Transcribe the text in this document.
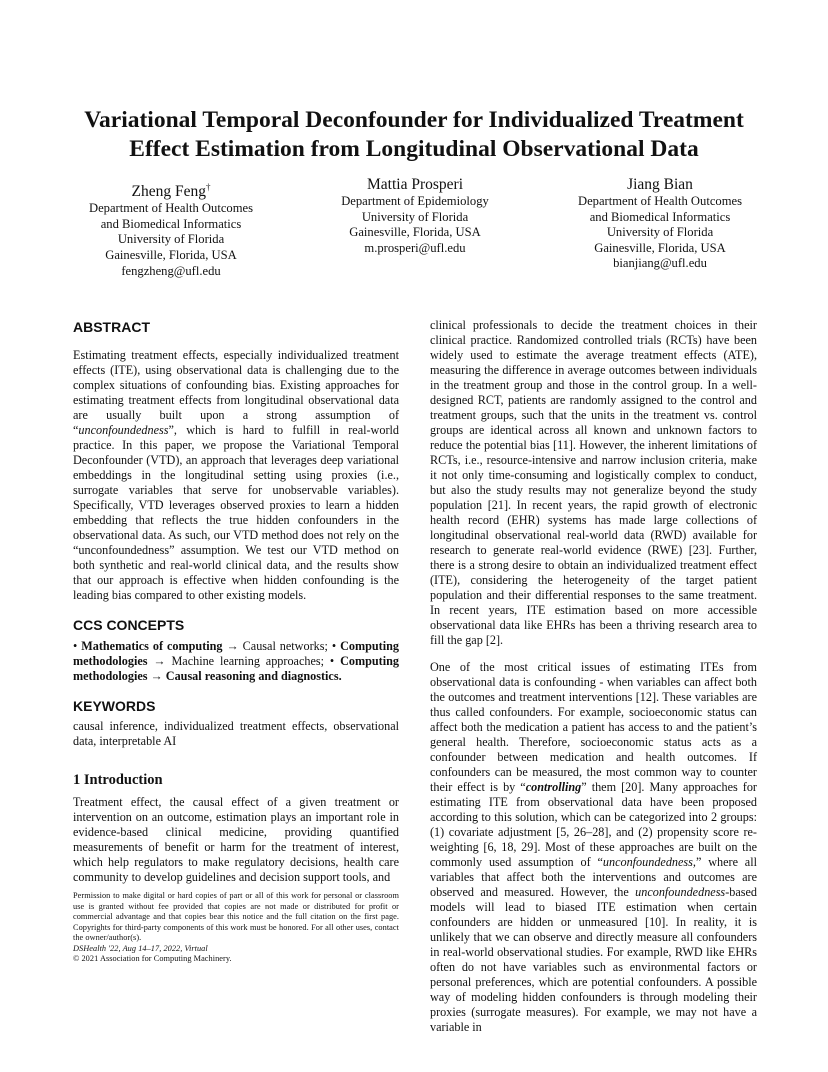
Variational Temporal Deconfounder for Individualized Treatment
Effect Estimation from Longitudinal Observational Data
Zheng Feng†
Department of Health Outcomes
and Biomedical Informatics
University of Florida
Gainesville, Florida, USA
fengzheng@ufl.edu
Mattia Prosperi
Department of Epidemiology
University of Florida
Gainesville, Florida, USA
m.prosperi@ufl.edu
Jiang Bian
Department of Health Outcomes
and Biomedical Informatics
University of Florida
Gainesville, Florida, USA
bianjiang@ufl.edu
ABSTRACT

Estimating treatment effects, especially individualized treatment effects (ITE), using observational data is challenging due to the complex situations of confounding bias. Existing approaches for estimating treatment effects from longitudinal observational data are usually built upon a strong assumption of “unconfoundedness”, which is hard to fulfill in real-world practice. In this paper, we propose the Variational Temporal Deconfounder (VTD), an approach that leverages deep variational embeddings in the longitudinal setting using proxies (i.e., surrogate variables that serve for unobservable variables). Specifically, VTD leverages observed proxies to learn a hidden embedding that reflects the true hidden confounders in the observational data. As such, our VTD method does not rely on the “unconfoundedness” assumption. We test our VTD method on both synthetic and real-world clinical data, and the results show that our approach is effective when hidden confounding is the leading bias compared to other existing models.

CCS CONCEPTS

• Mathematics of computing → Causal networks; • Computing methodologies → Machine learning approaches; • Computing methodologies → Causal reasoning and diagnostics.

KEYWORDS

causal inference, individualized treatment effects, observational data, interpretable AI

1 Introduction

Treatment effect, the causal effect of a given treatment or intervention on an outcome, estimation plays an important role in evidence-based clinical medicine, providing quantified measurements of benefit or harm for the treatment of interest, which help regulators to make regulatory decisions, health care community to develop guidelines and decision support tools, and

Permission to make digital or hard copies of part or all of this work for personal or classroom use is granted without fee provided that copies are not made or distributed for profit or commercial advantage and that copies bear this notice and the full citation on the first page. Copyrights for third-party components of this work must be honored. For all other uses, contact the owner/author(s).
DSHealth '22, Aug 14–17, 2022, Virtual
© 2021 Association for Computing Machinery.

clinical professionals to decide the treatment choices in their clinical practice. Randomized controlled trials (RCTs) have been widely used to estimate the average treatment effects (ATE), measuring the difference in average outcomes between individuals in the treatment group and those in the control group. In a well-designed RCT, patients are randomly assigned to the control and treatment groups, such that the units in the treatment vs. control groups are identical across all known and unknown factors to reduce the potential bias [11]. However, the inherent limitations of RCTs, i.e., resource-intensive and narrow inclusion criteria, make it not only time-consuming and logistically complex to conduct, but also the study results may not generalize beyond the study population [21]. In recent years, the rapid growth of electronic health record (EHR) systems has made large collections of longitudinal observational real-world data (RWD) available for research to generate real-world evidence (RWE) [23]. Further, there is a strong desire to obtain an individualized treatment effect (ITE), considering the heterogeneity of the target patient population and their differential responses to the same treatment. In recent years, ITE estimation based on more accessible observational data like EHRs has been a thriving research area to fill the gap [2].

One of the most critical issues of estimating ITEs from observational data is confounding - when variables can affect both the outcomes and treatment interventions [12]. These variables are thus called confounders. For example, socioeconomic status can affect both the medication a patient has access to and the patient’s general health. Therefore, socioeconomic status acts as a confounder between medication and health outcomes. If confounders can be measured, the most common way to counter their effect is by “controlling” them [20]. Many approaches for estimating ITE from observational data have been proposed according to this solution, which can be categorized into 2 groups: (1) covariate adjustment [5, 26–28], and (2) propensity score re-weighting [6, 18, 29]. Most of these approaches are built on the commonly used assumption of “unconfoundedness,” where all variables that affect both the interventions and outcomes are observed and measured. However, the unconfoundedness-based models will lead to biased ITE estimation when certain confounders are hidden or unmeasured [10]. In reality, it is unlikely that we can observe and directly measure all confounders in real-world observational studies. For example, RWD like EHRs often do not have variables such as environmental factors or personal preferences, which are potential confounders. A possible way of modeling hidden confounders is through modeling their proxies (surrogate measures). For example, we may not have a variable in
